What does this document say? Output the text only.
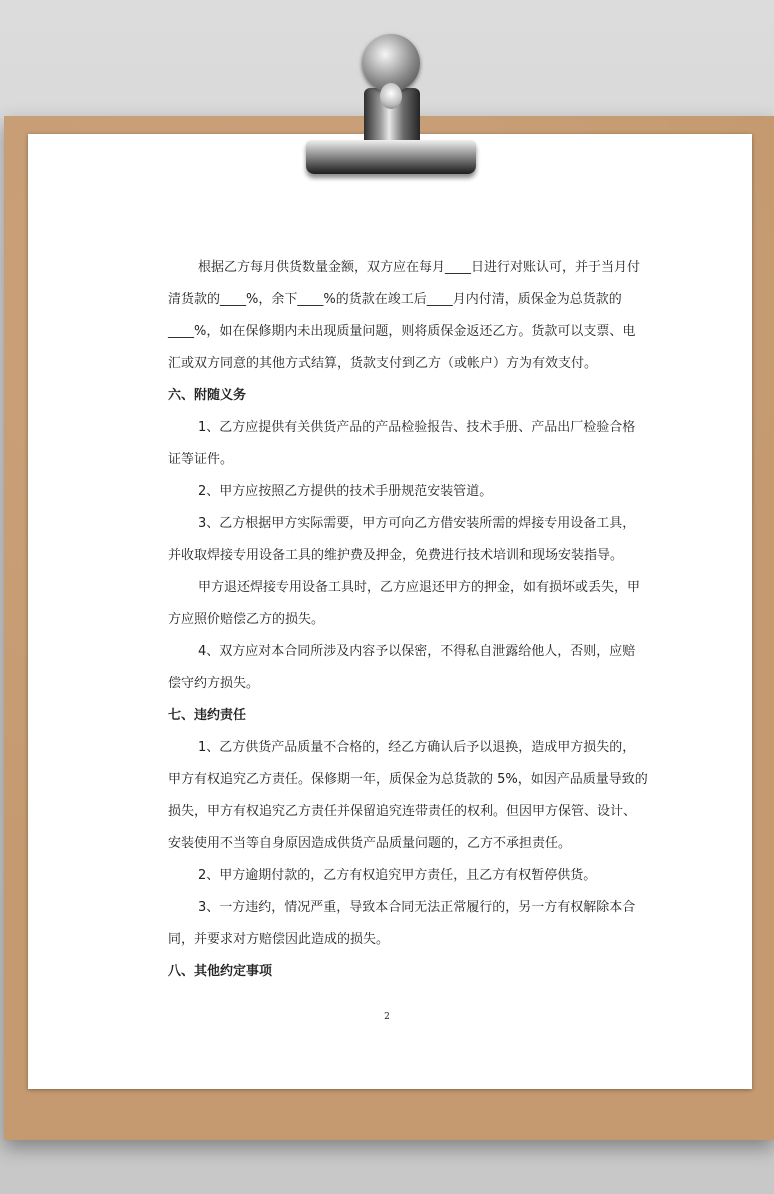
根据乙方每月供货数量金额，双方应在每月____日进行对账认可，并于当月付清货款的____%，余下____%的货款在竣工后____月内付清，质保金为总货款的____%，如在保修期内未出现质量问题，则将质保金返还乙方。货款可以支票、电汇或双方同意的其他方式结算，货款支付到乙方（或帐户）方为有效支付。

六、附随义务

1、乙方应提供有关供货产品的产品检验报告、技术手册、产品出厂检验合格证等证件。

2、甲方应按照乙方提供的技术手册规范安装管道。

3、乙方根据甲方实际需要，甲方可向乙方借安装所需的焊接专用设备工具，并收取焊接专用设备工具的维护费及押金，免费进行技术培训和现场安装指导。

甲方退还焊接专用设备工具时，乙方应退还甲方的押金，如有损坏或丢失，甲方应照价赔偿乙方的损失。

4、双方应对本合同所涉及内容予以保密，不得私自泄露给他人，否则，应赔偿守约方损失。

七、违约责任

1、乙方供货产品质量不合格的，经乙方确认后予以退换，造成甲方损失的，甲方有权追究乙方责任。保修期一年，质保金为总货款的 5%，如因产品质量导致的损失，甲方有权追究乙方责任并保留追究连带责任的权利。但因甲方保管、设计、安装使用不当等自身原因造成供货产品质量问题的，乙方不承担责任。

2、甲方逾期付款的，乙方有权追究甲方责任，且乙方有权暂停供货。

3、一方违约，情况严重，导致本合同无法正常履行的，另一方有权解除本合同，并要求对方赔偿因此造成的损失。

八、其他约定事项

2
